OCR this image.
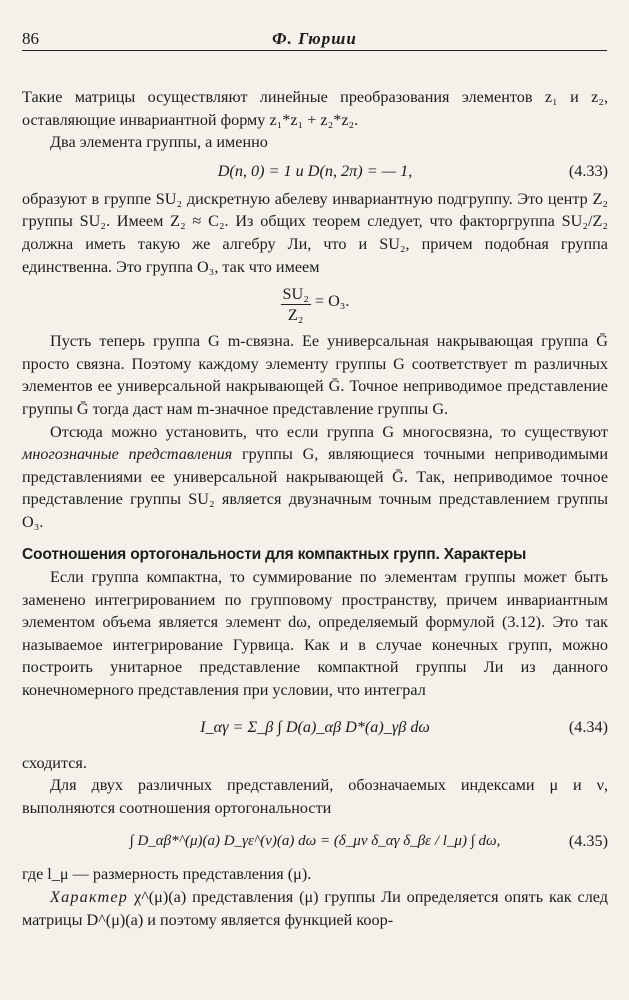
86	Ф. Гюрши

Такие матрицы осуществляют линейные преобразования элементов z₁ и z₂, оставляющие инвариантной форму z₁*z₁ + z₂*z₂.

Два элемента группы, а именно

D(n, 0) = 1 и D(n, 2π) = — 1,	(4.33)

образуют в группе SU₂ дискретную абелеву инвариантную подгруппу. Это центр Z₂ группы SU₂. Имеем Z₂ ≈ C₂. Из общих теорем следует, что факторгруппа SU₂/Z₂ должна иметь такую же алгебру Ли, что и SU₂, причем подобная группа единственна. Это группа O₃, так что имеем

$\frac{\text{SU₂}}{\text{Z₂}} = O_3$.

Пусть теперь группа G m-связна. Ее универсальная накрывающая группа Ḡ просто связна. Поэтому каждому элементу группы G соответствует m различных элементов ее универсальной накрывающей Ḡ. Точное неприводимое представление группы Ḡ тогда даст нам m-значное представление группы G.

Отсюда можно установить, что если группа G многосвязна, то существуют многозначные представления группы G, являющиеся точными неприводимыми представлениями ее универсальной накрывающей Ḡ. Так, неприводимое точное представление группы SU₂ является двузначным точным представлением группы O₃.

Соотношения ортогональности для компактных групп. Характеры

Если группа компактна, то суммирование по элементам группы может быть заменено интегрированием по групповому пространству, причем инвариантным элементом объема является элемент dω, определяемый формулой (3.12). Это так называемое интегрирование Гурвица. Как и в случае конечных групп, можно построить унитарное представление компактной группы Ли из данного конечномерного представления при условии, что интеграл

I_αγ = Σ_β ∫ D(a)_αβ D*(a)_γβ dω	(4.34)

сходится.

Для двух различных представлений, обозначаемых индексами μ и ν, выполняются соотношения ортогональности

∫ D_αβ*^(μ)(a) D_γε^(ν)(a) dω = (δ_μν δ_αγ δ_βε / l_μ) ∫ dω,	(4.35)

где l_μ — размерность представления (μ).

Характер χ^(μ)(a) представления (μ) группы Ли определяется опять как след матрицы D^(μ)(a) и поэтому является функцией коор-
